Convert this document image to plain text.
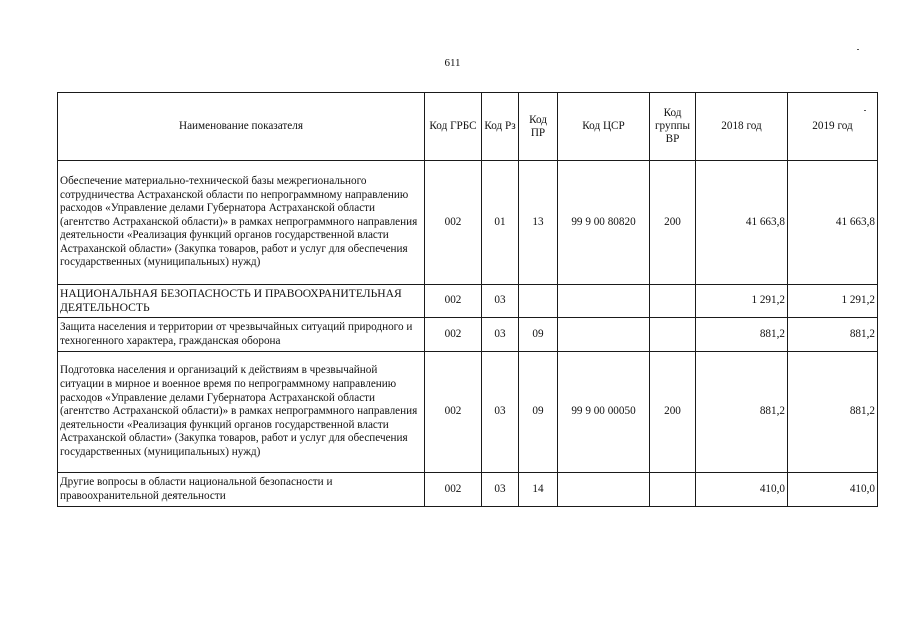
611
Наименование показателя	Код ГРБС	Код Рз	Код ПР	Код ЦСР	Код группы ВР	2018 год	2019 год
Обеспечение материально-технической базы межрегионального сотрудничества Астраханской области по непрограммному направлению расходов «Управление делами Губернатора Астраханской области (агентство Астраханской области)» в рамках непрограммного направления деятельности «Реализация функций органов государственной власти Астраханской области» (Закупка товаров, работ и услуг для обеспечения государственных (муниципальных) нужд)	002	01	13	99 9 00 80820	200	41 663,8	41 663,8
НАЦИОНАЛЬНАЯ БЕЗОПАСНОСТЬ И ПРАВООХРАНИТЕЛЬНАЯ ДЕЯТЕЛЬНОСТЬ	002	03				1 291,2	1 291,2
Защита населения и территории от чрезвычайных ситуаций природного и техногенного характера, гражданская оборона	002	03	09			881,2	881,2
Подготовка населения и организаций к действиям в чрезвычайной ситуации в мирное и военное время по непрограммному направлению расходов «Управление делами Губернатора Астраханской области (агентство Астраханской области)» в рамках непрограммного направления деятельности «Реализация функций органов государственной власти Астраханской области» (Закупка товаров, работ и услуг для обеспечения государственных (муниципальных) нужд)	002	03	09	99 9 00 00050	200	881,2	881,2
Другие вопросы в области национальной безопасности и правоохранительной деятельности	002	03	14			410,0	410,0
